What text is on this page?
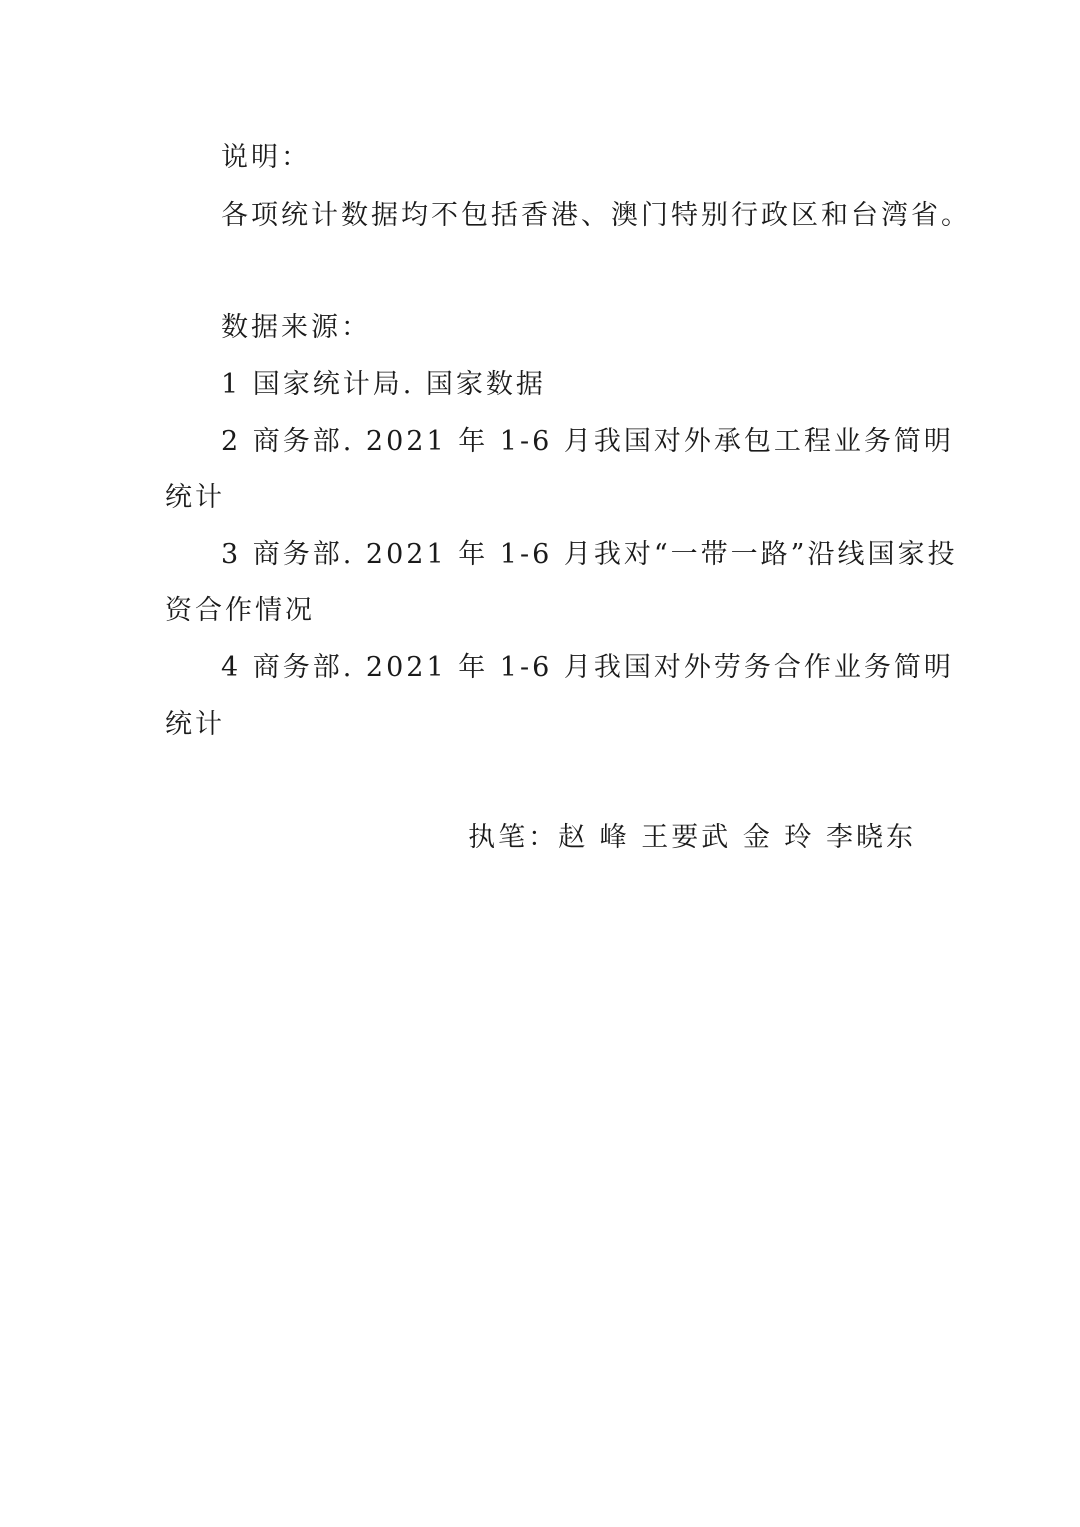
说明：
各项统计数据均不包括香港、澳门特别行政区和台湾省。
数据来源：
1 国家统计局. 国家数据
2 商务部. 2021 年 1-6 月我国对外承包工程业务简明
统计
3 商务部. 2021 年 1-6 月我对“一带一路”沿线国家投
资合作情况
4 商务部. 2021 年 1-6 月我国对外劳务合作业务简明
统计
执笔：赵 峰 王要武 金 玲 李晓东
